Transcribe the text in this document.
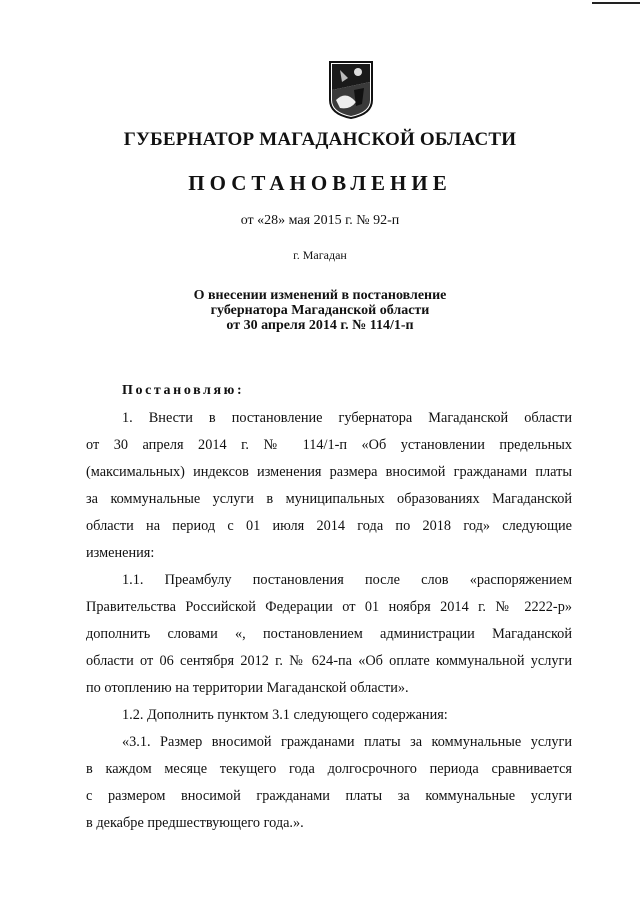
ГУБЕРНАТОР МАГАДАНСКОЙ ОБЛАСТИ
ПОСТАНОВЛЕНИЕ
от «28» мая 2015 г. № 92-п
г. Магадан
О внесении изменений в постановление
губернатора Магаданской области
от 30 апреля 2014 г. № 114/1-п
Постановляю:
1. Внести в постановление губернатора Магаданской области
от 30 апреля 2014 г. № 114/1-п «Об установлении предельных
(максимальных) индексов изменения размера вносимой гражданами платы
за коммунальные услуги в муниципальных образованиях Магаданской
области на период с 01 июля 2014 года по 2018 год» следующие
изменения:
1.1. Преамбулу постановления после слов «распоряжением
Правительства Российской Федерации от 01 ноября 2014 г. № 2222-р»
дополнить словами «, постановлением администрации Магаданской
области от 06 сентября 2012 г. № 624-па «Об оплате коммунальной услуги
по отоплению на территории Магаданской области».
1.2. Дополнить пунктом 3.1 следующего содержания:
«3.1. Размер вносимой гражданами платы за коммунальные услуги
в каждом месяце текущего года долгосрочного периода сравнивается
с размером вносимой гражданами платы за коммунальные услуги
в декабре предшествующего года.».
